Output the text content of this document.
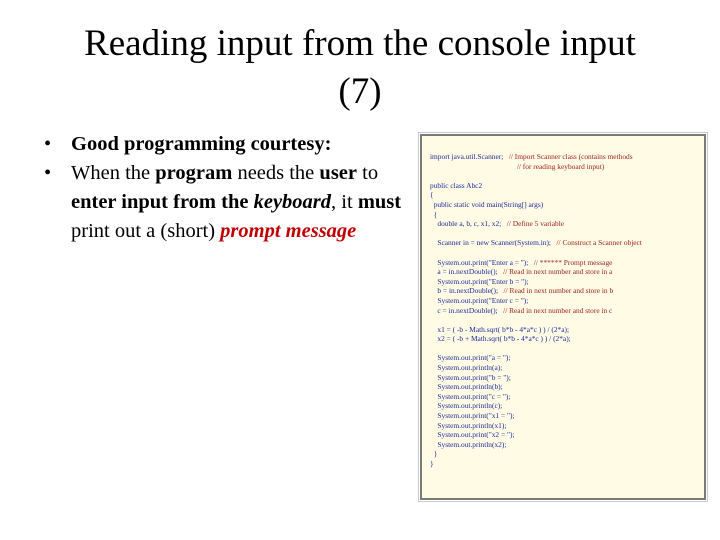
Reading input from the console input
(7)
• Good programming courtesy:
• When the program needs the user to enter input from the keyboard, it must print out a (short) prompt message
import java.util.Scanner;   // Import Scanner class (contains methods
// for reading keyboard input)
public class Abc2
{
public static void main(String[] args)
{
double a, b, c, x1, x2;   // Define 5 variable
Scanner in = new Scanner(System.in);   // Construct a Scanner object
System.out.print("Enter a = ");   // ****** Prompt message
a = in.nextDouble();   // Read in next number and store in a
System.out.print("Enter b = ");
b = in.nextDouble();   // Read in next number and store in b
System.out.print("Enter c = ");
c = in.nextDouble();   // Read in next number and store in c
x1 = ( -b - Math.sqrt( b*b - 4*a*c ) ) / (2*a);
x2 = ( -b + Math.sqrt( b*b - 4*a*c ) ) / (2*a);
System.out.print("a = ");
System.out.println(a);
System.out.print("b = ");
System.out.println(b);
System.out.print("c = ");
System.out.println(c);
System.out.print("x1 = ");
System.out.println(x1);
System.out.print("x2 = ");
System.out.println(x2);
}
}
